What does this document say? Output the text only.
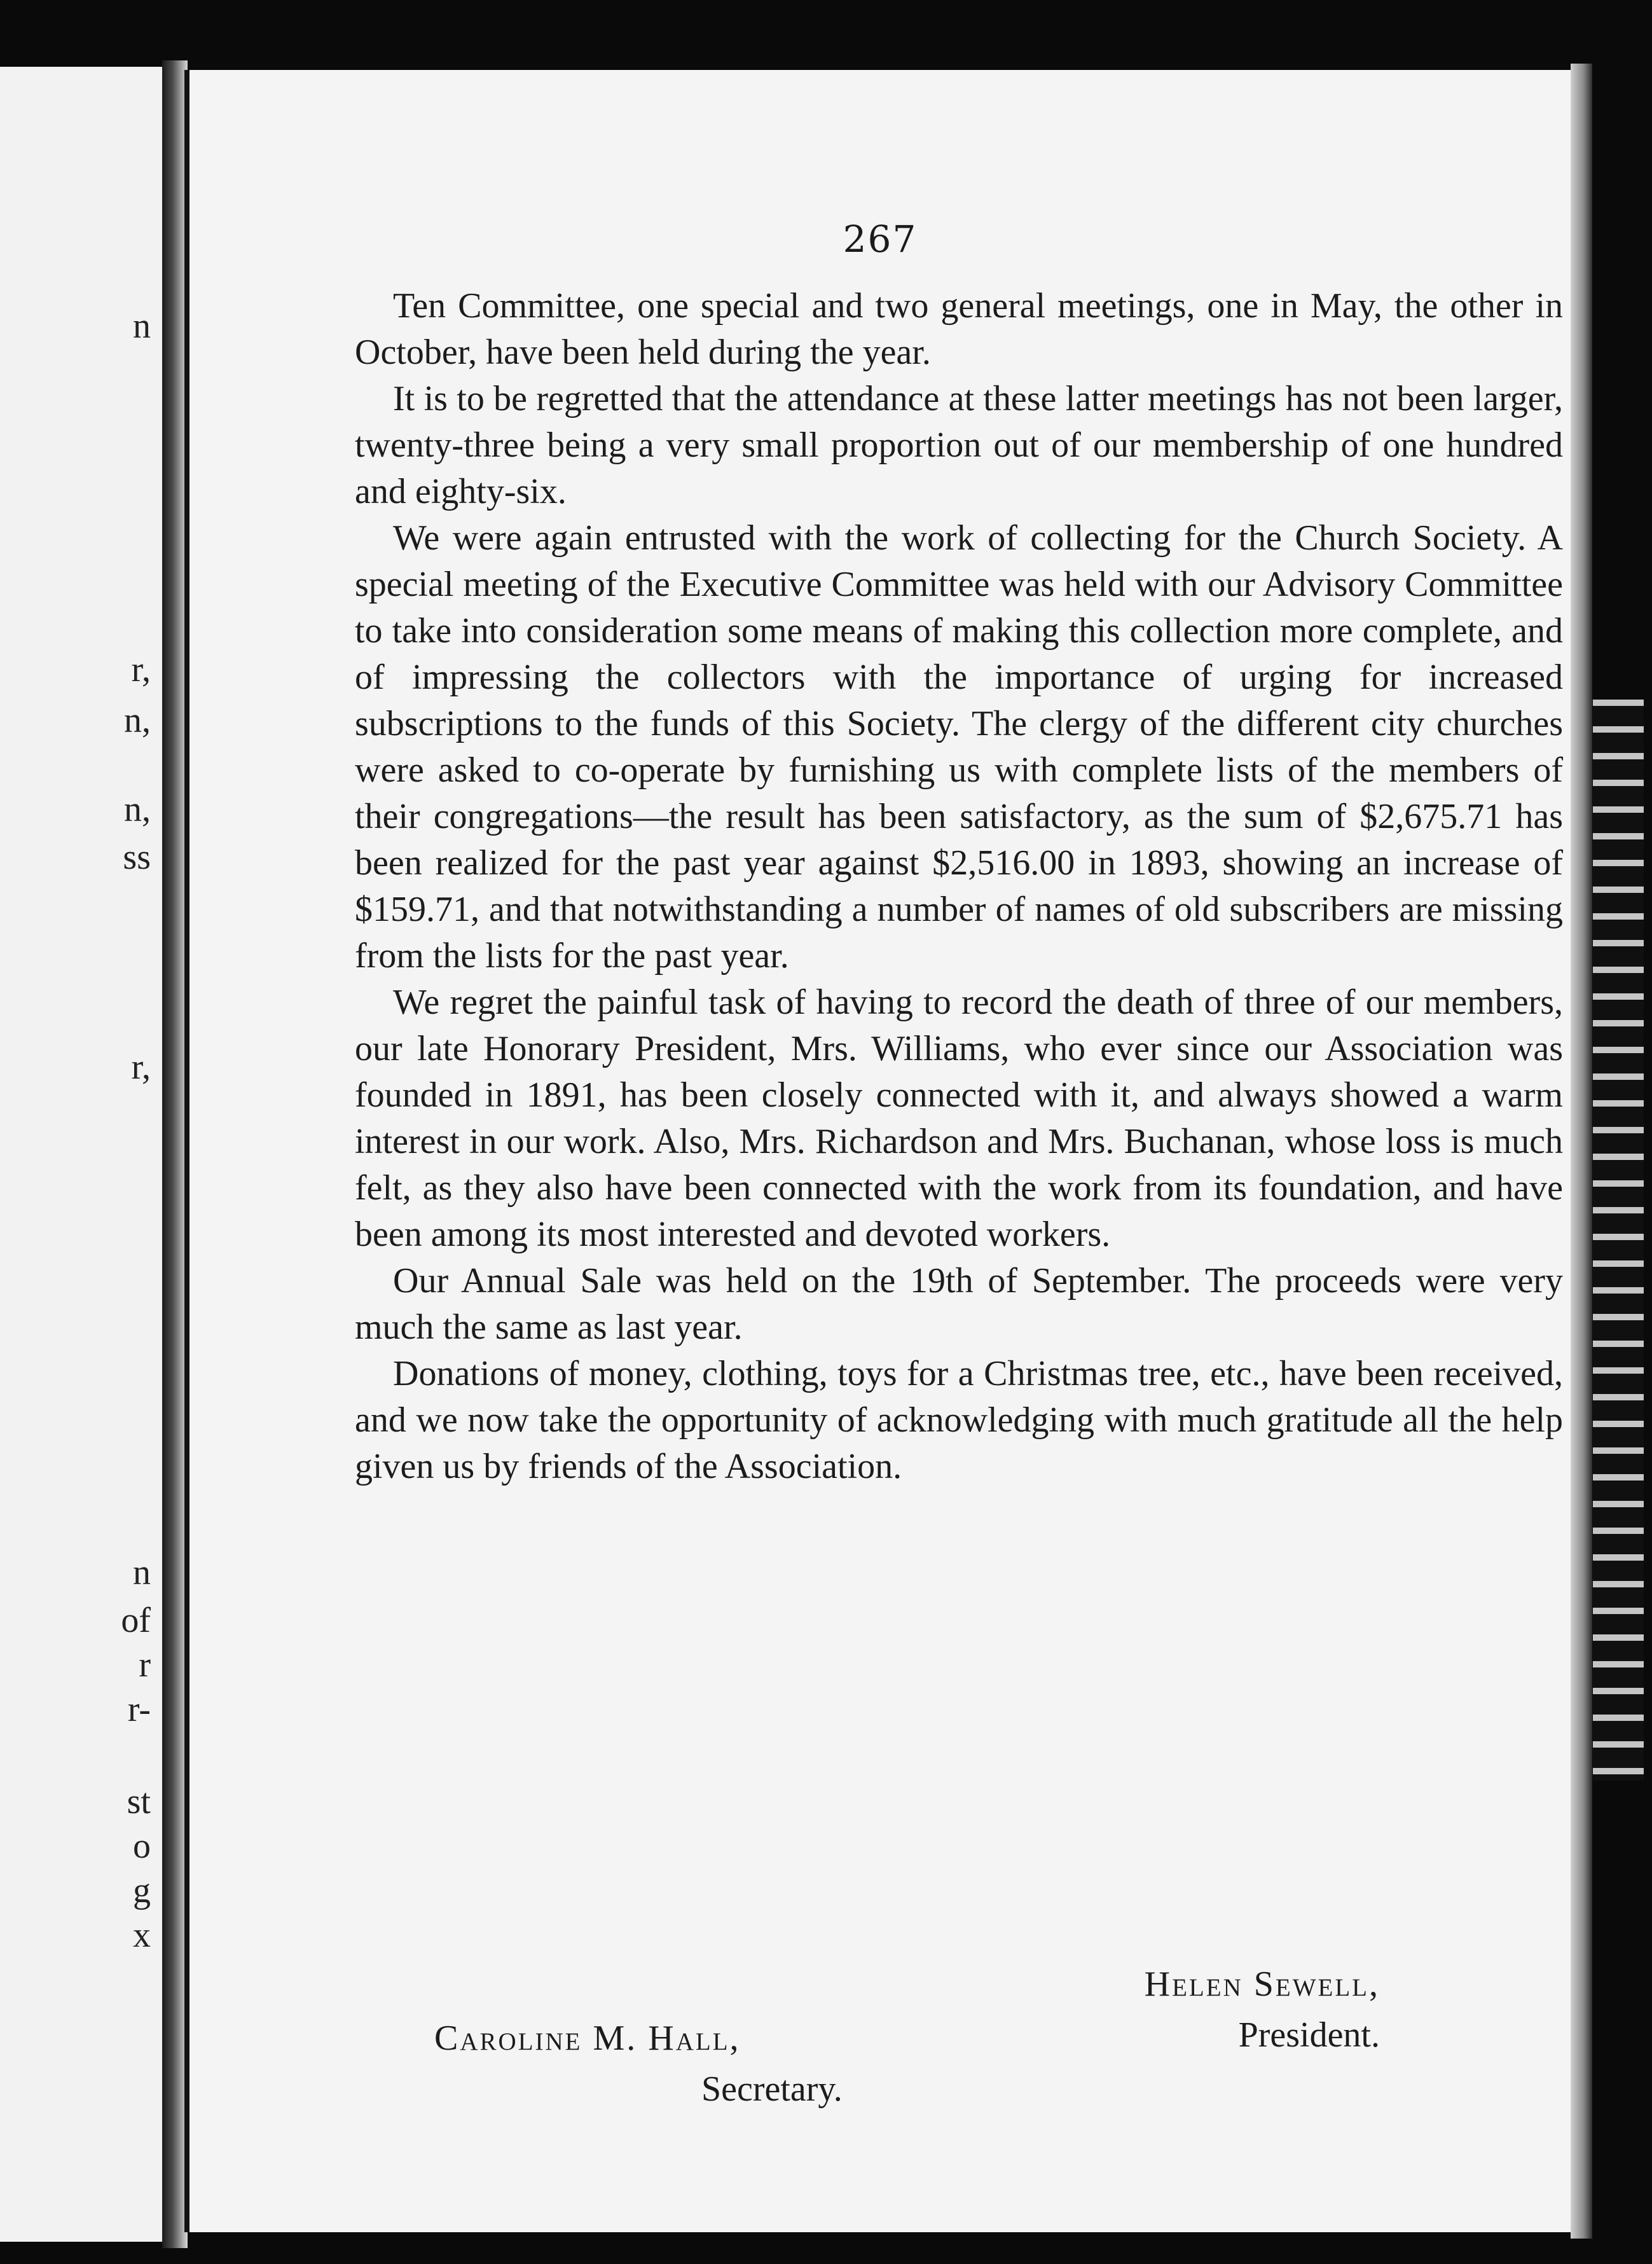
n
r,
n,
n,
ss
r,
n
of
r
r-
st
o
g
x
267

Ten Committee, one special and two general meetings, one in May, the other in October, have been held during the year.

It is to be regretted that the attendance at these latter meetings has not been larger, twenty-three being a very small proportion out of our membership of one hundred and eighty-six.

We were again entrusted with the work of collecting for the Church Society. A special meeting of the Executive Committee was held with our Advisory Committee to take into consideration some means of making this collection more complete, and of impressing the collectors with the importance of urging for increased subscriptions to the funds of this Society. The clergy of the different city churches were asked to co-operate by furnishing us with complete lists of the members of their congregations—the result has been satisfactory, as the sum of $2,675.71 has been realized for the past year against $2,516.00 in 1893, showing an increase of $159.71, and that notwithstanding a number of names of old subscribers are missing from the lists for the past year.

We regret the painful task of having to record the death of three of our members, our late Honorary President, Mrs. Williams, who ever since our Association was founded in 1891, has been closely connected with it, and always showed a warm interest in our work. Also, Mrs. Richardson and Mrs. Buchanan, whose loss is much felt, as they also have been connected with the work from its foundation, and have been among its most interested and devoted workers.

Our Annual Sale was held on the 19th of September. The proceeds were very much the same as last year.

Donations of money, clothing, toys for a Christmas tree, etc., have been received, and we now take the opportunity of acknowledging with much gratitude all the help given us by friends of the Association.

Helen Sewell,
President.
Caroline M. Hall,
Secretary.
